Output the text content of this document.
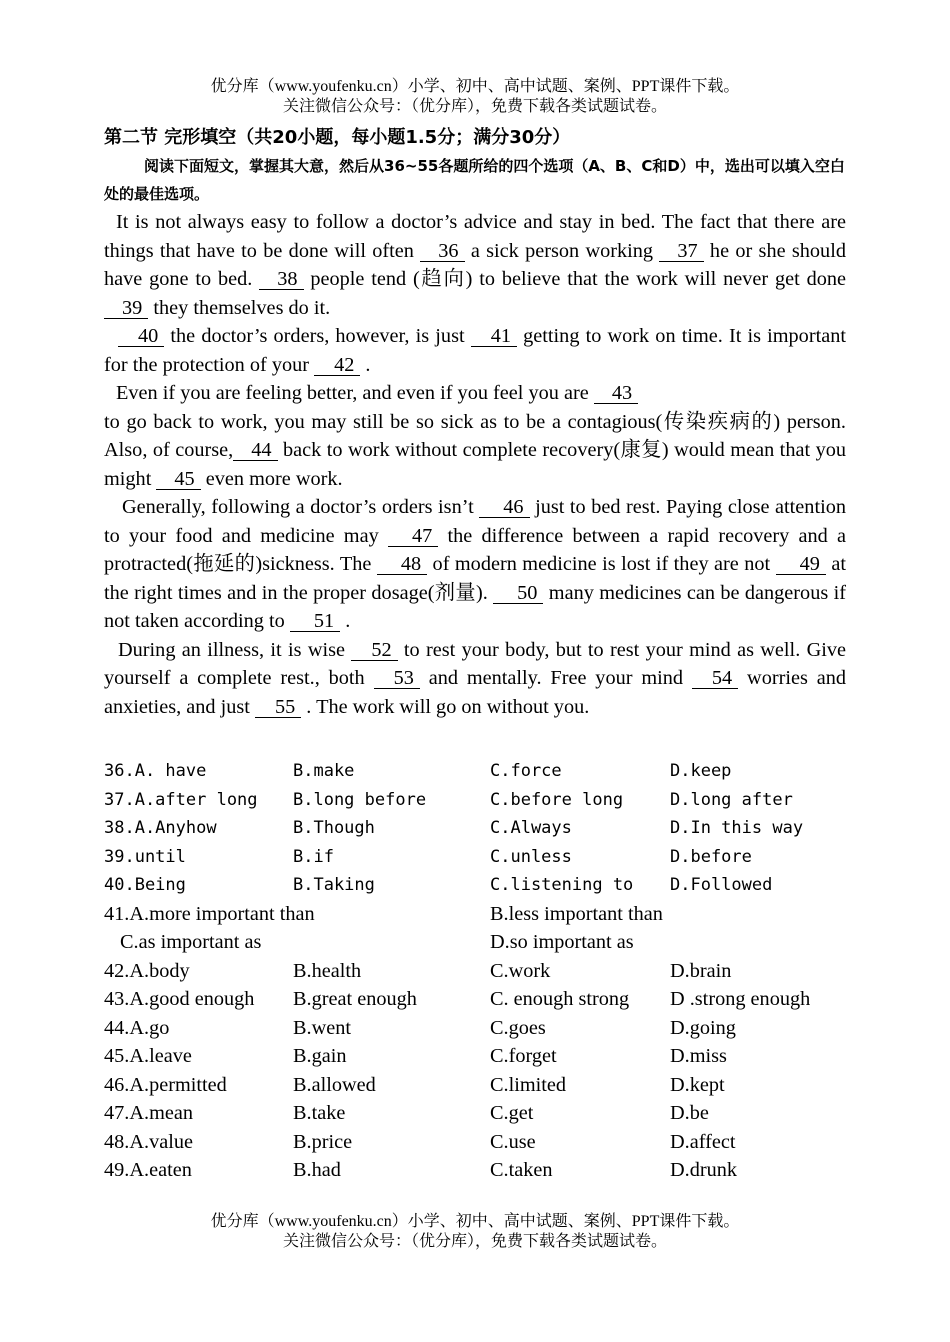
优分库（www.youfenku.cn）小学、初中、高中试题、案例、PPT课件下载。
关注微信公众号：（优分库），免费下载各类试题试卷。

第二节 完形填空（共20小题，每小题1.5分；满分30分）

阅读下面短文，掌握其大意，然后从36~55各题所给的四个选项（A、B、C和D）中，选出可以填入空白处的最佳选项。

It is not always easy to follow a doctor’s advice and stay in bed. The fact that there are things that have to be done will often 36 a sick person working 37 he or she should have gone to bed. 38 people tend (趋向) to believe that the work will never get done 39 they themselves do it.

40 the doctor’s orders, however, is just 41 getting to work on time. It is important for the protection of your 42 .

Even if you are feeling better, and even if you feel you are 43
to go back to work, you may still be so sick as to be a contagious(传染疾病的) person. Also, of course, 44 back to work without complete recovery(康复) would mean that you might 45 even more work.

Generally, following a doctor’s orders isn’t 46 just to bed rest. Paying close attention to your food and medicine may 47 the difference between a rapid recovery and a protracted(拖延的)sickness. The 48 of modern medicine is lost if they are not 49 at the right times and in the proper dosage(剂量). 50 many medicines can be dangerous if not taken according to 51 .

During an illness, it is wise 52 to rest your body, but to rest your mind as well. Give yourself a complete rest., both 53 and mentally. Free your mind 54 worries and anxieties, and just 55 . The work will go on without you.

36.A. have	B.make	C.force	D.keep
37.A.after long B.long before	C.before long	D.long after
38.A.Anyhow	B.Though	C.Always	D.In this way
39.until	B.if	C.unless	D.before
40.Being	B.Taking	C.listening to D.Followed
41.A.more important than	B.less important than
C.as important as	D.so important as
42.A.body	B.health	C.work	D.brain
43.A.good enough B.great enough	C. enough strong D .strong enough
44.A.go	B.went	C.goes	D.going
45.A.leave	B.gain	C.forget	D.miss
46.A.permitted	B.allowed	C.limited	D.kept
47.A.mean	B.take	C.get	D.be
48.A.value	B.price	C.use	D.affect
49.A.eaten	B.had	C.taken	D.drunk
优分库（www.youfenku.cn）小学、初中、高中试题、案例、PPT课件下载。
关注微信公众号：（优分库），免费下载各类试题试卷。
